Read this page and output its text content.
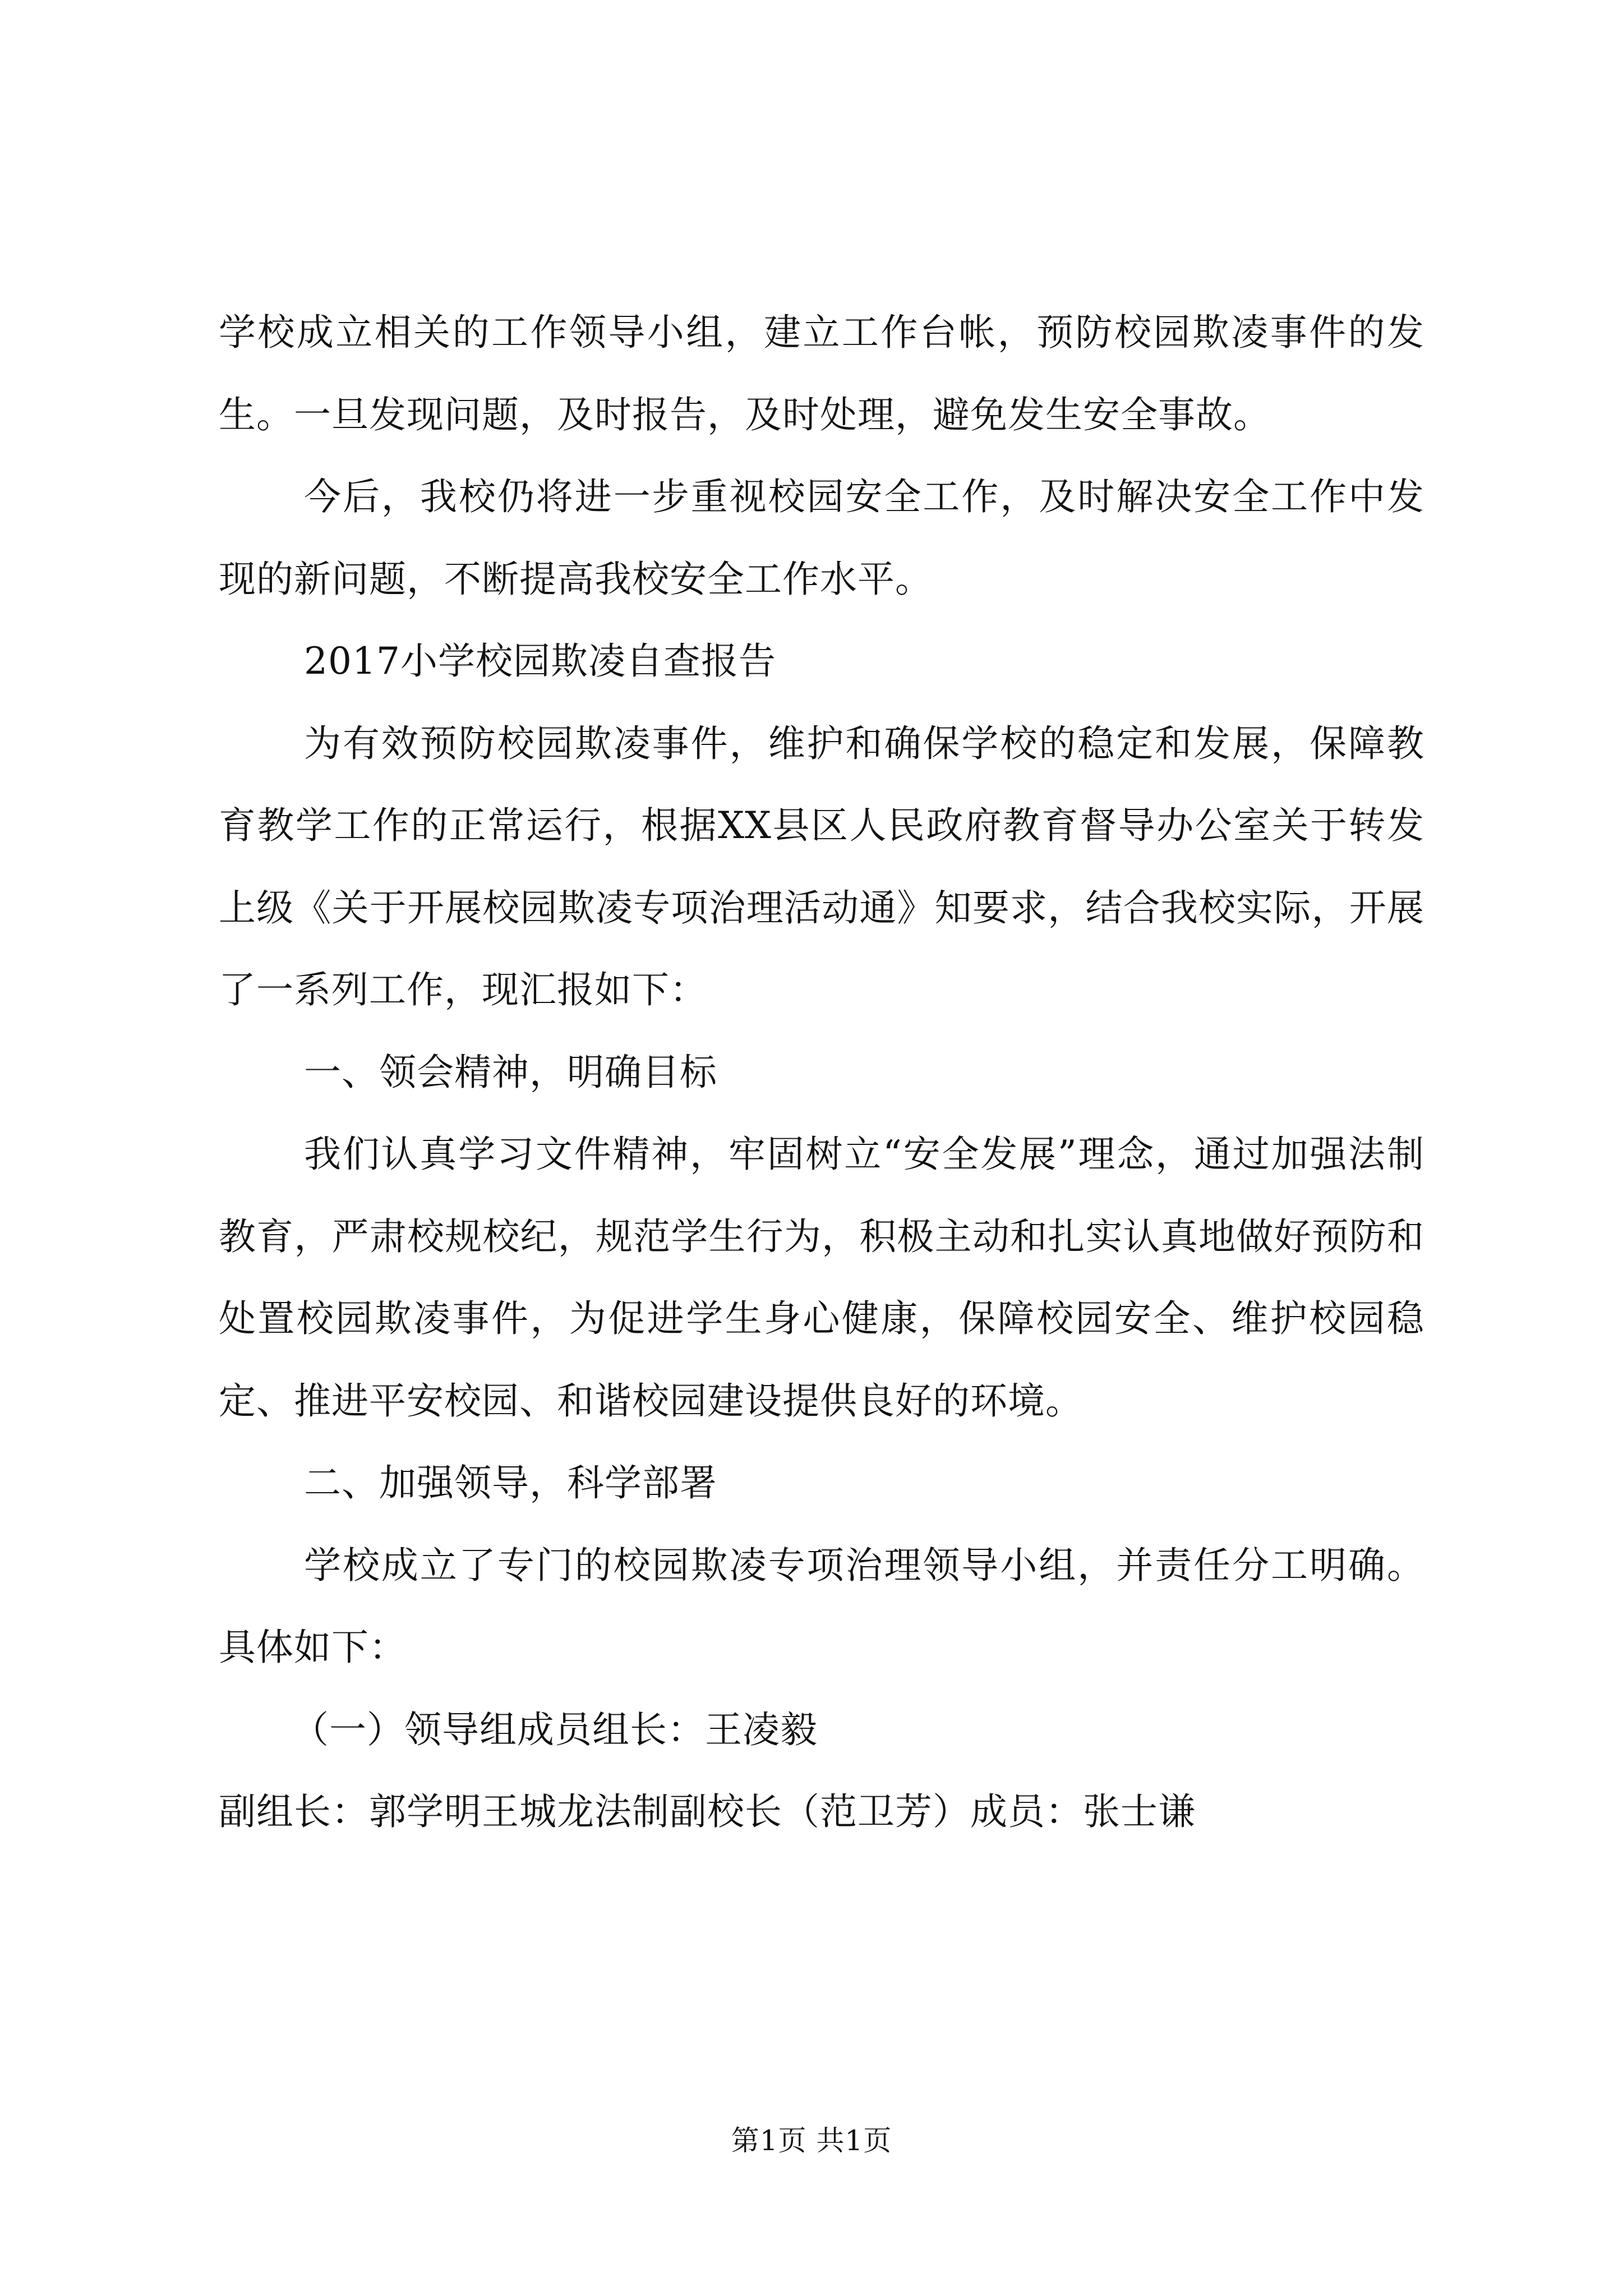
学校成立相关的工作领导小组，建立工作台帐，预防校园欺凌事件的发生。一旦发现问题，及时报告，及时处理，避免发生安全事故。

今后，我校仍将进一步重视校园安全工作，及时解决安全工作中发现的新问题，不断提高我校安全工作水平。

2017小学校园欺凌自查报告

为有效预防校园欺凌事件，维护和确保学校的稳定和发展，保障教育教学工作的正常运行，根据XX县区人民政府教育督导办公室关于转发上级《关于开展校园欺凌专项治理活动通》知要求，结合我校实际，开展了一系列工作，现汇报如下：

一、领会精神，明确目标

我们认真学习文件精神，牢固树立“安全发展”理念，通过加强法制教育，严肃校规校纪，规范学生行为，积极主动和扎实认真地做好预防和处置校园欺凌事件，为促进学生身心健康，保障校园安全、维护校园稳定、推进平安校园、和谐校园建设提供良好的环境。

二、加强领导，科学部署

学校成立了专门的校园欺凌专项治理领导小组，并责任分工明确。具体如下：

（一）领导组成员组长：王凌毅

副组长：郭学明王城龙法制副校长（范卫芳）成员：张士谦

第1页 共1页
